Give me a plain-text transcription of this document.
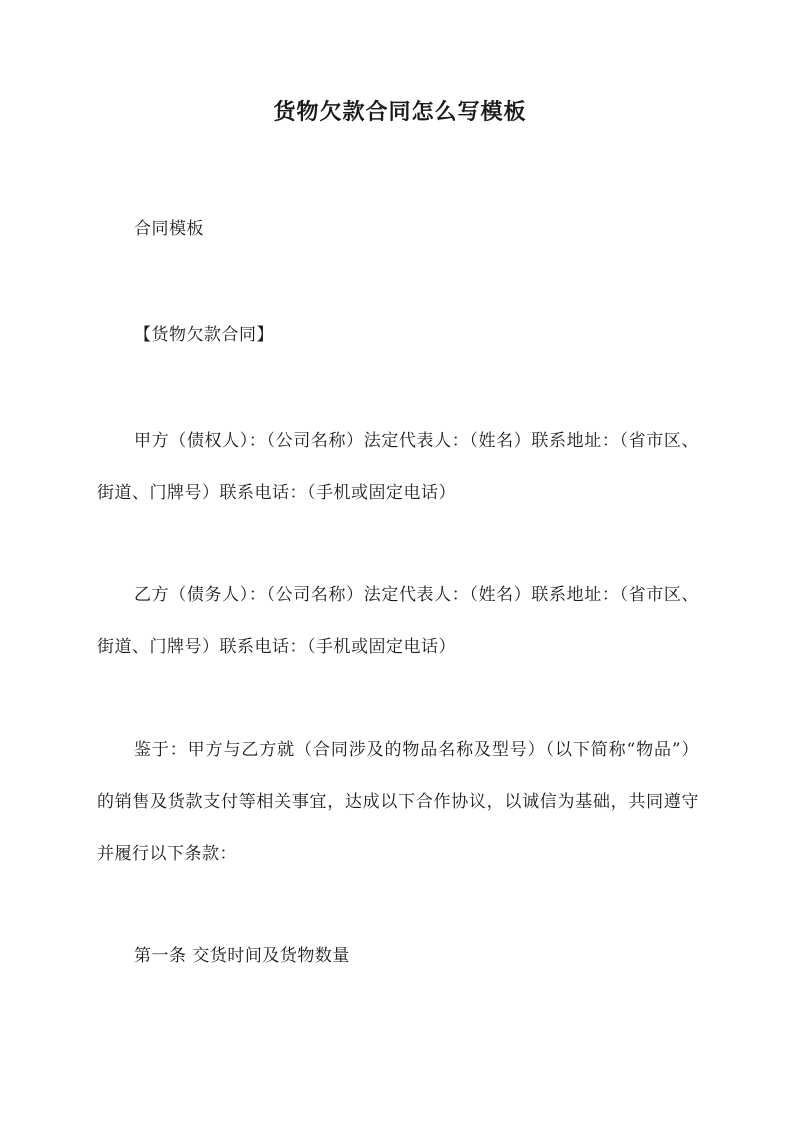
货物欠款合同怎么写模板
合同模板
【货物欠款合同】
甲方（债权人）：（公司名称）法定代表人：（姓名）联系地址：（省市区、街道、门牌号）联系电话：（手机或固定电话）
乙方（债务人）：（公司名称）法定代表人：（姓名）联系地址：（省市区、街道、门牌号）联系电话：（手机或固定电话）
鉴于：甲方与乙方就（合同涉及的物品名称及型号）（以下简称“物品”）的销售及货款支付等相关事宜，达成以下合作协议，以诚信为基础，共同遵守并履行以下条款：
第一条 交货时间及货物数量
